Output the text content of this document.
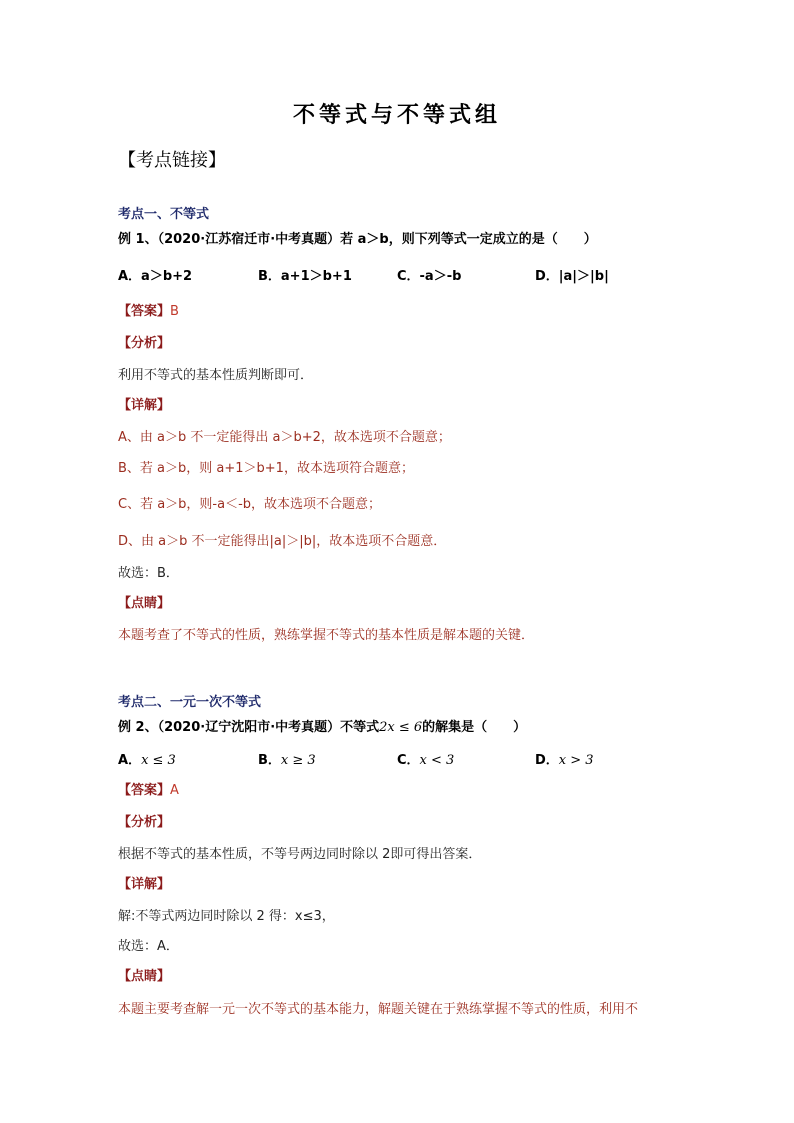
不等式与不等式组
【考点链接】
考点一、不等式
例 1、（2020·江苏宿迁市·中考真题）若 a＞b，则下列等式一定成立的是（　　）
A．a＞b+2	B．a+1＞b+1	C．-a＞-b	D．|a|＞|b|
【答案】B
【分析】
利用不等式的基本性质判断即可．
【详解】
A、由 a＞b 不一定能得出 a＞b+2，故本选项不合题意；
B、若 a＞b，则 a+1＞b+1，故本选项符合题意；
C、若 a＞b，则-a＜-b，故本选项不合题意；
D、由 a＞b 不一定能得出|a|＞|b|，故本选项不合题意．
故选：B．
【点睛】
本题考查了不等式的性质，熟练掌握不等式的基本性质是解本题的关键．
考点二、一元一次不等式
例 2、（2020·辽宁沈阳市·中考真题）不等式2x ≤ 6的解集是（　　）
A．x ≤ 3	B．x ≥ 3	C．x < 3	D．x > 3
【答案】A
【分析】
根据不等式的基本性质，不等号两边同时除以 2即可得出答案．
【详解】
解:不等式两边同时除以 2 得：x≤3，
故选：A．
【点睛】
本题主要考查解一元一次不等式的基本能力，解题关键在于熟练掌握不等式的性质，利用不
